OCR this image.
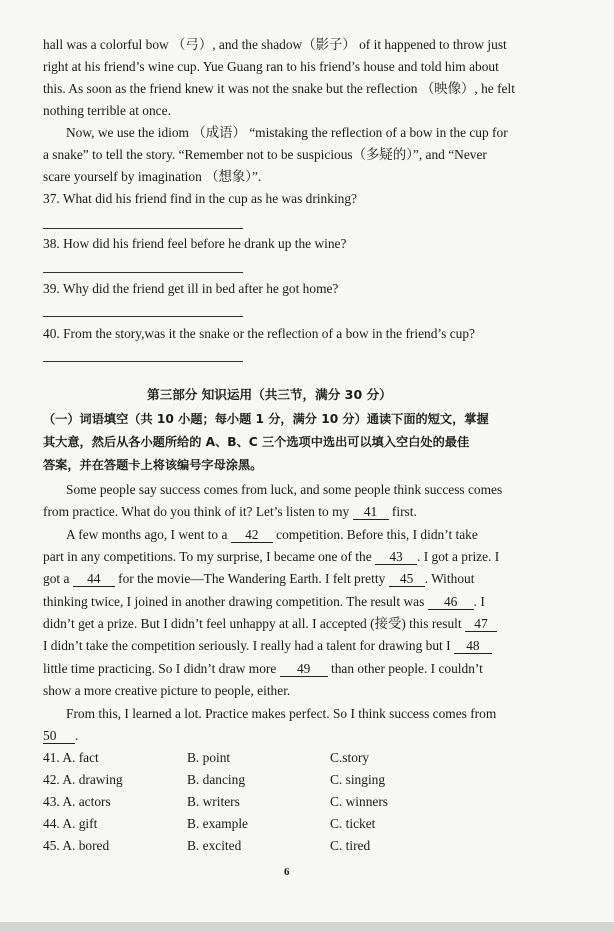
hall was a colorful bow （弓）, and the shadow（影子） of it happened to throw just
right at his friend’s wine cup. Yue Guang ran to his friend’s house and told him about
this. As soon as the friend knew it was not the snake but the reflection （映像）, he felt
nothing terrible at once.
Now, we use the idiom （成语） “mistaking the reflection of a bow in the cup for
a snake” to tell the story. “Remember not to be suspicious（多疑的）”, and “Never
scare yourself by imagination （想象）”.
37. What did his friend find in the cup as he was drinking?
38. How did his friend feel before he drank up the wine?
39. Why did the friend get ill in bed after he got home?
40. From the story,was it the snake or the reflection of a bow in the friend’s cup?
第三部分 知识运用（共三节，满分 30 分）
（一）词语填空（共 10 小题；每小题 1 分，满分 10 分）通读下面的短文，掌握
其大意，然后从各小题所给的 A、B、C 三个选项中选出可以填入空白处的最佳
答案，并在答题卡上将该编号字母涂黑。
Some people say success comes from luck, and some people think success comes
from practice. What do you think of it? Let’s listen to my 41 first.
A few months ago, I went to a 42 competition. Before this, I didn’t take
part in any competitions. To my surprise, I became one of the 43 . I got a prize. I
got a 44 for the movie—The Wandering Earth. I felt pretty 45 . Without
thinking twice, I joined in another drawing competition. The result was 46 . I
didn’t get a prize. But I didn’t feel unhappy at all. I accepted (接受) this result 47
I didn’t take the competition seriously. I really had a talent for drawing but I 48
little time practicing. So I didn’t draw more 49 than other people. I couldn’t
show a more creative picture to people, either.
From this, I learned a lot. Practice makes perfect. So I think success comes from
50 .
41. A. fact	B. point	C.story
42. A. drawing	B. dancing	C. singing
43. A. actors	B. writers	C. winners
44. A. gift	B. example	C. ticket
45. A. bored	B. excited	C. tired
6
